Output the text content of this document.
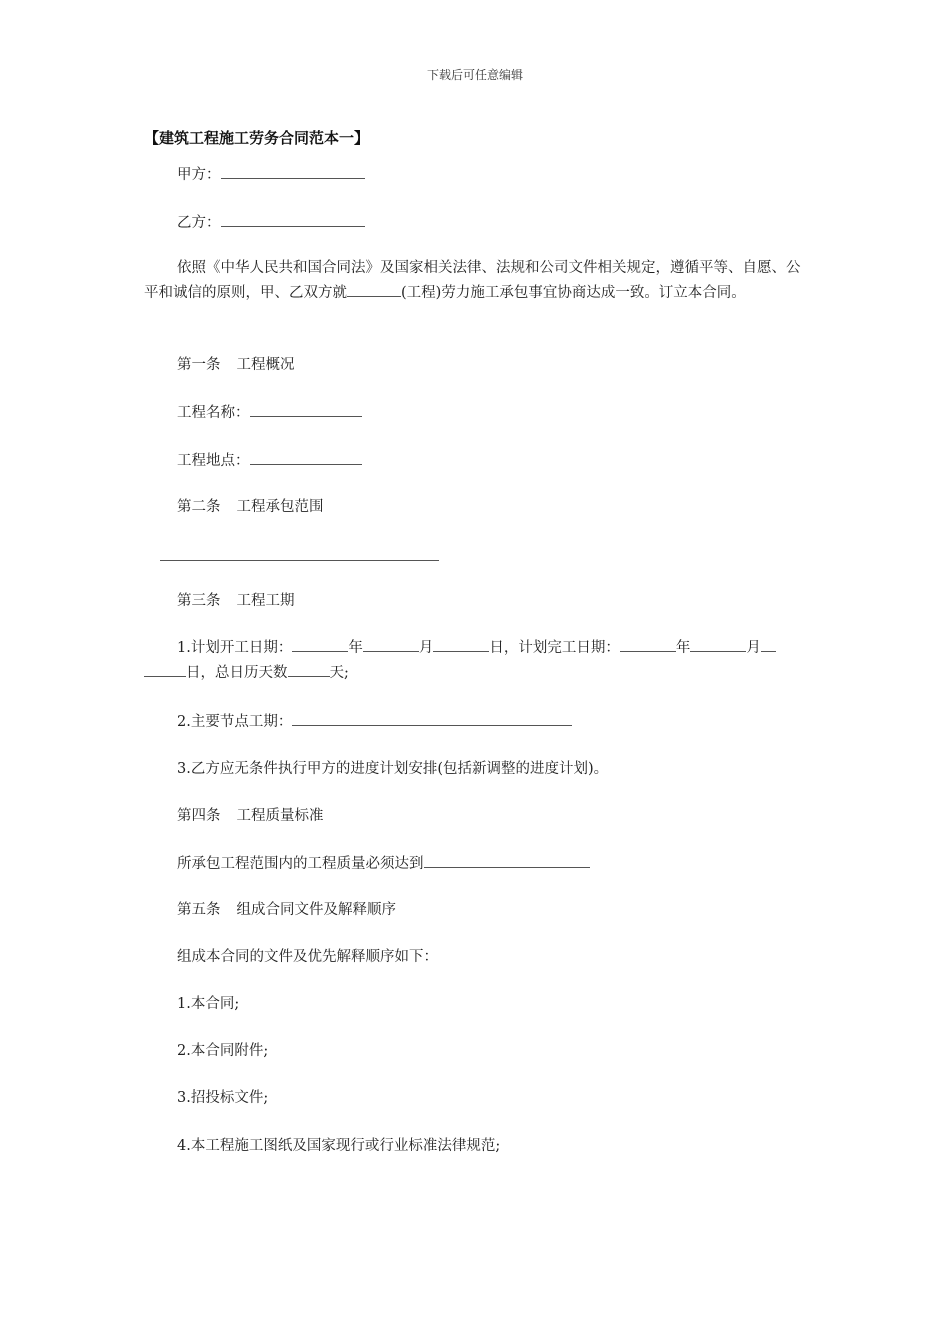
下载后可任意编辑
【建筑工程施工劳务合同范本一】
甲方：
乙方：
依照《中华人民共和国合同法》及国家相关法律、法规和公司文件相关规定，遵循平等、自愿、公平和诚信的原则，甲、乙双方就	(工程)劳力施工承包事宜协商达成一致。订立本合同。
第一条 工程概况
工程名称：
工程地点：
第二条 工程承包范围
第三条 工程工期
1.计划开工日期：	年	月	日，计划完工日期：	年	月
日，总日历天数	天;
2.主要节点工期：
3.乙方应无条件执行甲方的进度计划安排(包括新调整的进度计划)。
第四条 工程质量标准
所承包工程范围内的工程质量必须达到
第五条 组成合同文件及解释顺序
组成本合同的文件及优先解释顺序如下：
1.本合同;
2.本合同附件;
3.招投标文件;
4.本工程施工图纸及国家现行或行业标准法律规范;
